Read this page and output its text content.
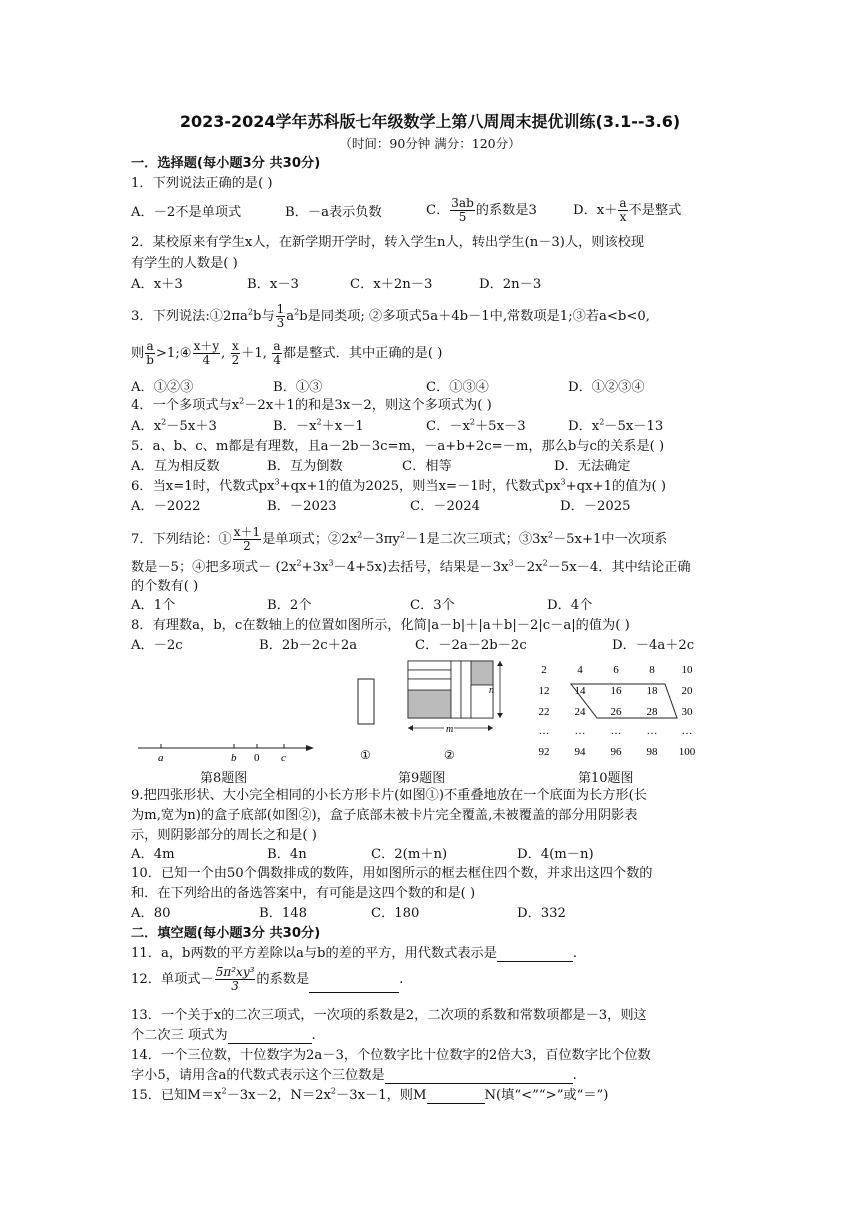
2023-2024学年苏科版七年级数学上第八周周末提优训练(3.1--3.6)
（时间：90分钟 满分：120分）
一．选择题(每小题3分 共30分)
1．下列说法正确的是( )
A．－2不是单项式	B．－a表示负数	C． $\frac{3ab}{5}$ 的系数是3	D．$x+ \frac{a}{x}$ 不是整式
2．某校原来有学生x人，在新学期开学时，转入学生n人，转出学生(n－3)人，则该校现
有学生的人数是( )
A．x＋3	B．x－3	C．x＋2n－3	D．2n－3
3．下列说法$:①2\pi a^2b$与 $\frac{1}{3} a^2b$是同类项; ②多项式5a＋4b－1中,常数项是1;③若a<b<0,
则 $\frac{a}{b}$ >1;④ $\frac{x+y}{4}$ , $\frac{x}{2} +1$, $\frac{a}{4}$ 都是整式．其中正确的是( )
A．①②③	B．①③	C．①③④	D．①②③④
4．一个多项式与$x^2-2x+1$的和是3x－2，则这个多项式为( )
A．$x^2-5x+3$	B．$-x^2+x-1$	C．$-x^2+5x-3$	D．$x^2-5x-13$
5．a、b、c、m都是有理数，且a－2b－3c=m，－a+b+2c=－m，那么b与c的关系是( )
A．互为相反数	B．互为倒数	C．相等	D．无法确定
6．当x=1时，代数式$px^3+qx+1$的值为2025，则当x=－1时，代数式$px^3+qx+1$的值为( )
A．－2022	B．－2023	C．－2024	D．－2025
7．下列结论：① $\frac{x+1}{2}$ 是单项式；$②2x^2-3\pi y^2-1$是二次三项式；$③3x^2-5x+1$中一次项系
数是－5；④把多项式－ $(2x^2+3x^3-4+5x)$去括号，结果是$-3x^3-2x^2-5x-4$．其中结论正确
的个数有( )
A．1个	B．2个	C．3个	D．4个
8．有理数a，b，c在数轴上的位置如图所示，化简|a－b|＋|a＋b|－2|c－a|的值为( )
A．－2c	B．2b－2c＋2a	C．－2a－2b－2c	D．－4a＋2c
a	b 0 c	①
n
m
②
2	4	6	8 10
12 14 16 18 20
22 24 26 28 30
… … … … …
92 94 96 98 100
第8题图	第9题图	第10题图
9.把四张形状、大小完全相同的小长方形卡片(如图①)不重叠地放在一个底面为长方形(长
为m,宽为n)的盒子底部(如图②)，盒子底部未被卡片完全覆盖,未被覆盖的部分用阴影表
示，则阴影部分的周长之和是( )
A．4m	B．4n	C．2(m＋n)	D．4(m－n)
10．已知一个由50个偶数排成的数阵，用如图所示的框去框住四个数，并求出这四个数的
和．在下列给出的备选答案中，有可能是这四个数的和是( )
A．80	B．148	C．180	D．332
二．填空题(每小题3分 共30分)
11．a，b两数的平方差除以a与b的差的平方，用代数式表示是	.
12．单项式－ $\frac{\text{5π²xy³}}{3}$ 的系数是	.
13．一个关于x的二次三项式，一次项的系数是2，二次项的系数和常数项都是－3，则这
个二次三 项式为	.
14．一个三位数，十位数字为2a－3，个位数字比十位数字的2倍大3，百位数字比个位数
字小5，请用含a的代数式表示这个三位数是	.
15．已知$M=x^2-3x-2$，$N=2x^2-3x-1$，则M	N(填“<”“>”或“＝”)
